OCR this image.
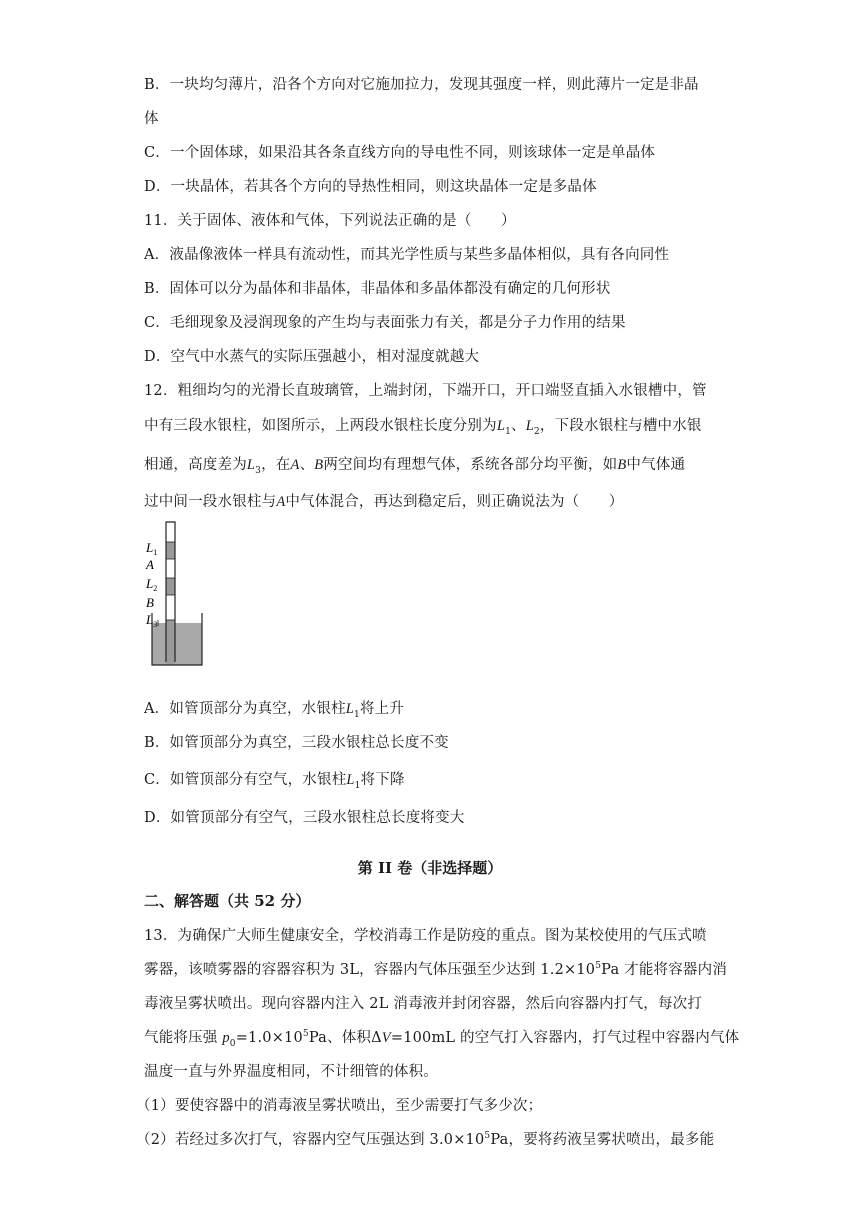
B．一块均匀薄片，沿各个方向对它施加拉力，发现其强度一样，则此薄片一定是非晶
体
C．一个固体球，如果沿其各条直线方向的导电性不同，则该球体一定是单晶体
D．一块晶体，若其各个方向的导热性相同，则这块晶体一定是多晶体
11．关于固体、液体和气体，下列说法正确的是（　　）
A．液晶像液体一样具有流动性，而其光学性质与某些多晶体相似，具有各向同性
B．固体可以分为晶体和非晶体，非晶体和多晶体都没有确定的几何形状
C．毛细现象及浸润现象的产生均与表面张力有关，都是分子力作用的结果
D．空气中水蒸气的实际压强越小，相对湿度就越大
12．粗细均匀的光滑长直玻璃管，上端封闭，下端开口，开口端竖直插入水银槽中，管
中有三段水银柱，如图所示，上两段水银柱长度分别为$L_1$、$L_2$，下段水银柱与槽中水银
相通，高度差为$L_3$，在A、B两空间均有理想气体，系统各部分均平衡，如B中气体通
过中间一段水银柱与A中气体混合，再达到稳定后，则正确说法为（　　）
$L_1$
A
$L_2$
B
$L_3$
A．如管顶部分为真空，水银柱$L_1$将上升
B．如管顶部分为真空，三段水银柱总长度不变
C．如管顶部分有空气，水银柱$L_1$将下降
D．如管顶部分有空气，三段水银柱总长度将变大
第 II 卷（非选择题）
二、解答题（共 52 分）
13．为确保广大师生健康安全，学校消毒工作是防疫的重点。图为某校使用的气压式喷
雾器，该喷雾器的容器容积为 3L，容器内气体压强至少达到 $1.2\times 10^5Pa$ 才能将容器内消
毒液呈雾状喷出。现向容器内注入 2L 消毒液并封闭容器，然后向容器内打气，每次打
气能将压强 $p_0=1.0\times 10^5Pa$、体积ΔV=100mL 的空气打入容器内，打气过程中容器内气体
温度一直与外界温度相同，不计细管的体积。
（1）要使容器中的消毒液呈雾状喷出，至少需要打气多少次；
（2）若经过多次打气，容器内空气压强达到 $3.0\times 10^5Pa$，要将药液呈雾状喷出，最多能
